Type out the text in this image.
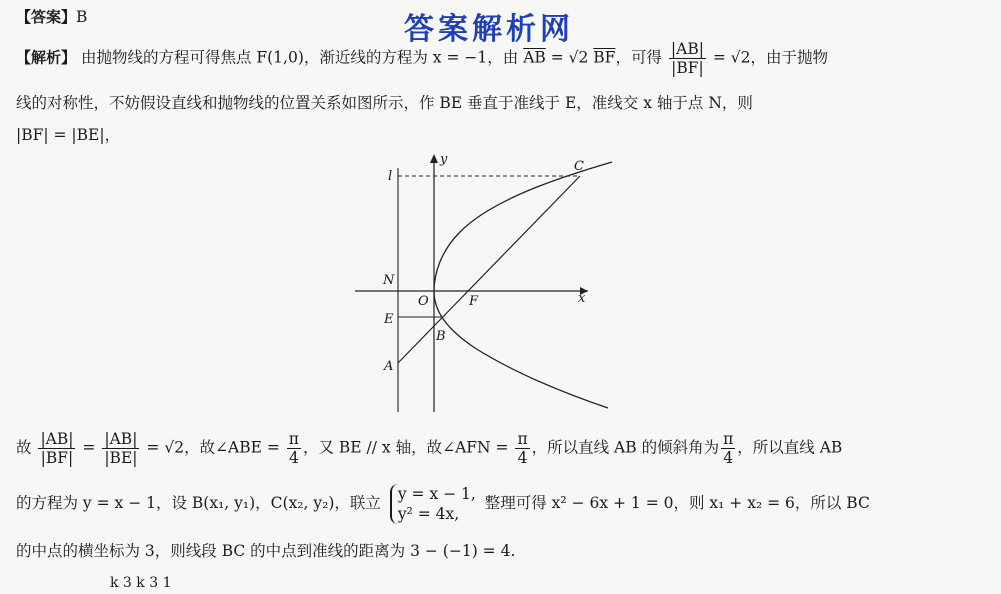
答案解析网
【答案】B
【解析】 由抛物线的方程可得焦点 F(1,0)，渐近线的方程为 x = −1，由 $\overline{AB} = √2$ $\overline{BF}$，可得 $\frac{|AB|}{|BF|} = √2$，由于抛物
线的对称性，不妨假设直线和抛物线的位置关系如图所示，作 BE 垂直于准线于 E，准线交 x 轴于点 N，则
|BF| = |BE|，
y
x
l
C
N
O	F
E
B
A
故 $\frac{|AB|}{|BF|} = \frac{|AB|}{|BE|} = √2$，故∠ABE = $\frac{\pi}{4}$ ，又 BE // x 轴，故∠AFN = $\frac{\pi}{4}$ ，所以直线 AB 的倾斜角为 $\frac{\pi}{4}$ ，所以直线 AB
的方程为 y = x − 1，设 B(x₁, y₁)，C(x₂, y₂)，联立 y = x − 1,
y² = 4x,
整理可得 x² − 6x + 1 = 0，则 x₁ + x₂ = 6，所以 BC
的中点的横坐标为 3，则线段 BC 的中点到准线的距离为 3 − (−1) = 4.
k 3 k 3 1
